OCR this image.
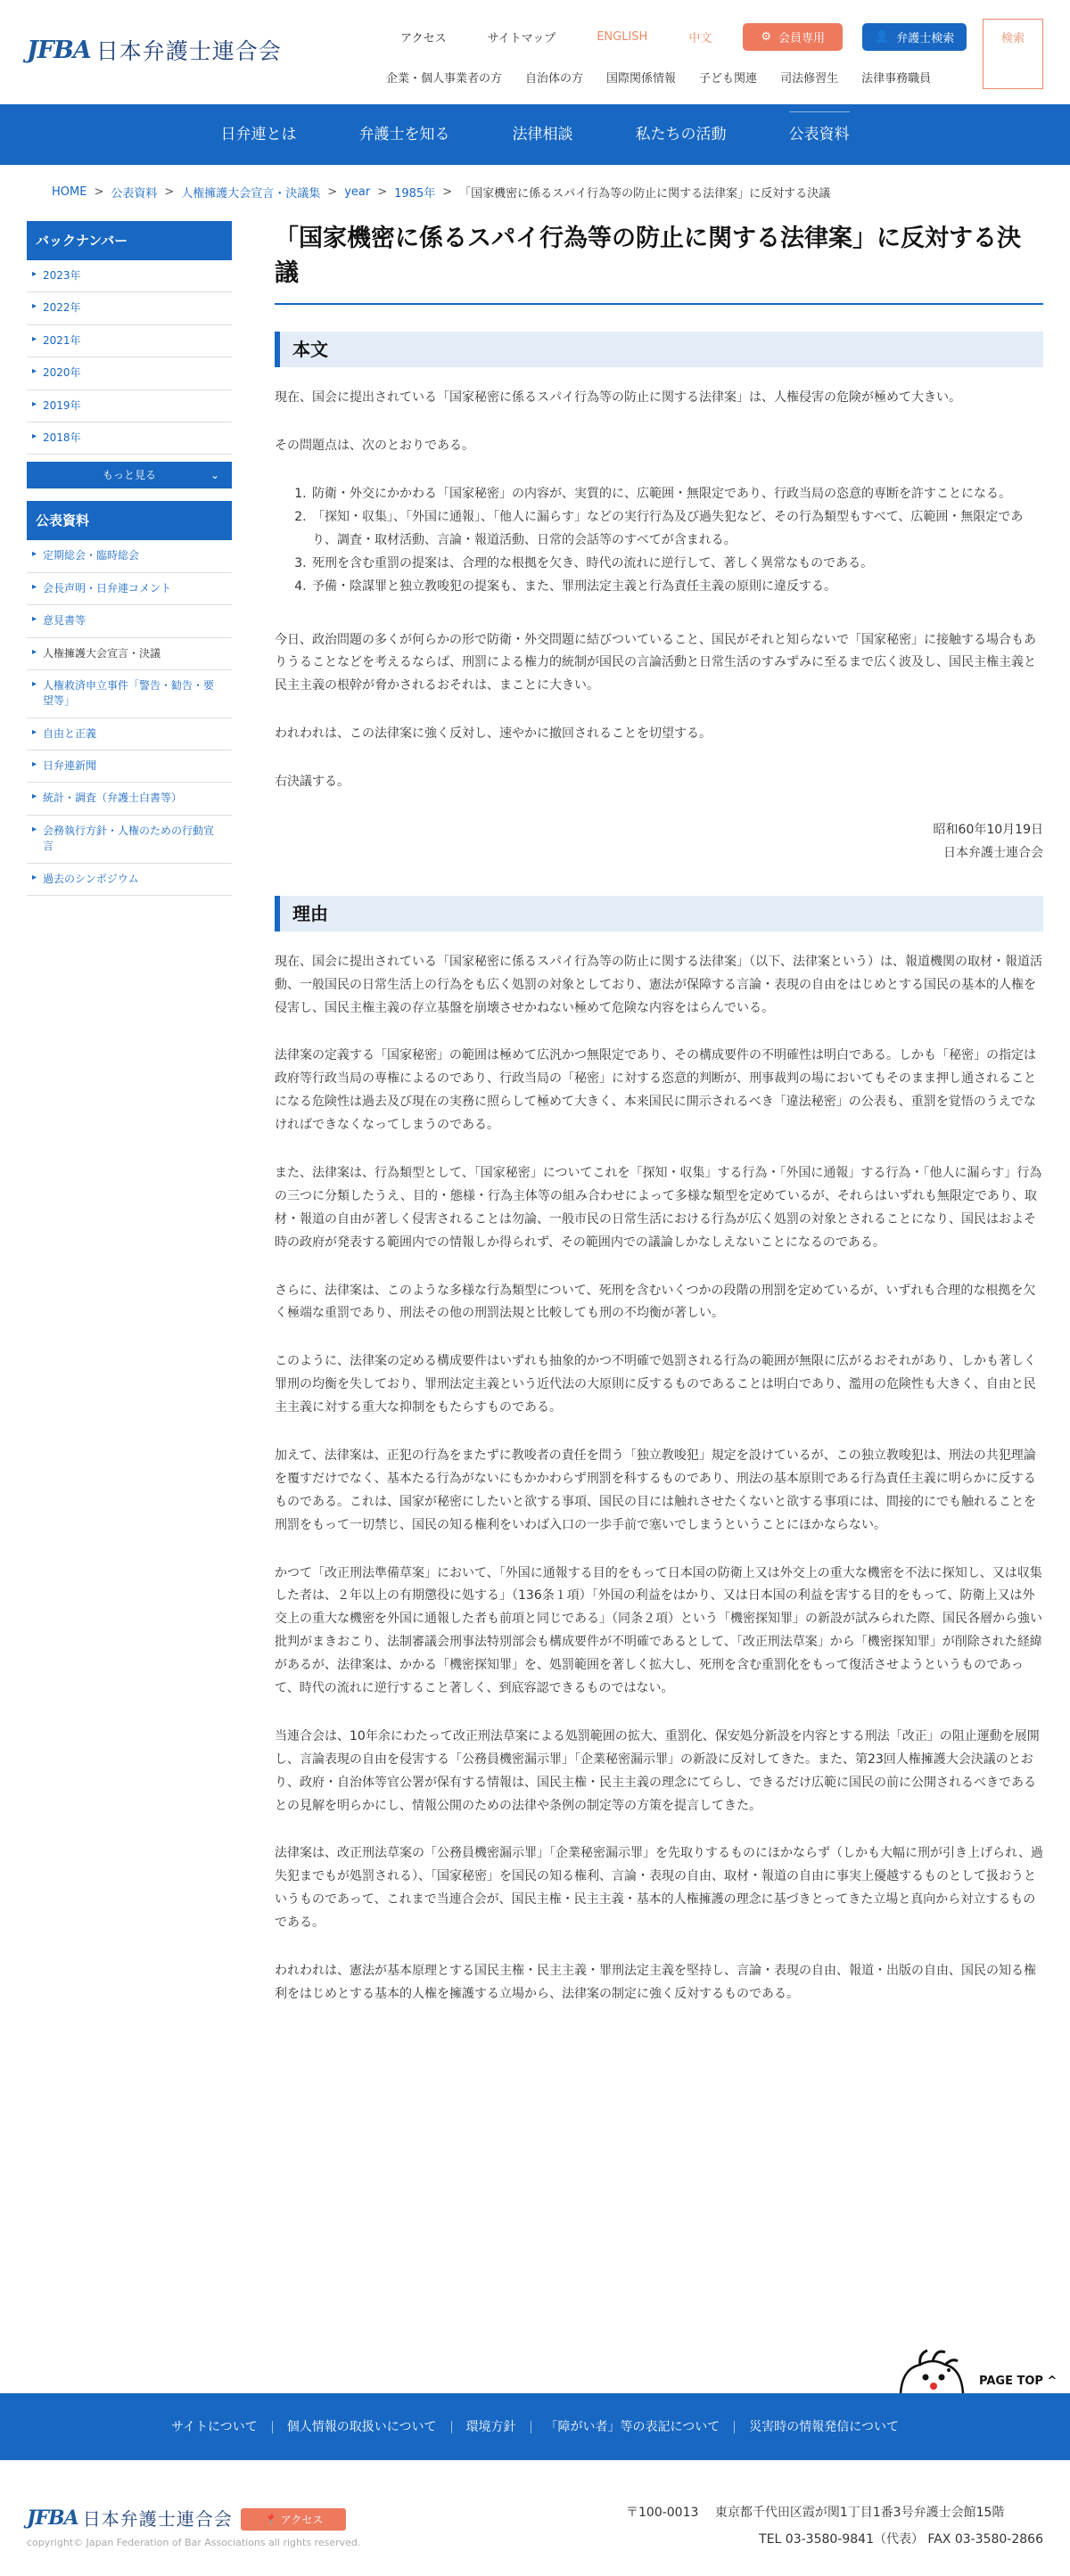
JFBA 日本弁護士連合会	アクセス	サイトマップ	ENGLISH	中文	⚙ 会員専用	👤 弁護士検索	検索
企業・個人事業者の方	自治体の方	国際関係情報	子ども関連	司法修習生	法律事務職員
日弁連とは	弁護士を知る	法律相談	私たちの活動	公表資料
HOME > 公表資料 > 人権擁護大会宣言・決議集 > year > 1985年 > 「国家機密に係るスパイ行為等の防止に関する法律案」に反対する決議
バックナンバー
▸ 2023年
▸ 2022年
▸ 2021年
▸ 2020年
▸ 2019年
▸ 2018年
もっと見る	⌄
公表資料
▸ 定期総会・臨時総会
▸ 会長声明・日弁連コメント
▸ 意見書等
▸ 人権擁護大会宣言・決議
▸ 人権救済申立事件「警告・勧告・要望等」
▸ 自由と正義
▸ 日弁連新聞
▸ 統計・調査（弁護士白書等）
▸ 会務執行方針・人権のための行動宣言
▸ 過去のシンポジウム
「国家機密に係るスパイ行為等の防止に関する法律案」に反対する決議
本文

現在、国会に提出されている「国家秘密に係るスパイ行為等の防止に関する法律案」は、人権侵害の危険が極めて大きい。

その問題点は、次のとおりである。

1. 防衛・外交にかかわる「国家秘密」の内容が、実質的に、広範囲・無限定であり、行政当局の恣意的専断を許すことになる。
2. 「探知・収集」、「外国に通報」、「他人に漏らす」などの実行行為及び過失犯など、その行為類型もすべて、広範囲・無限定であり、調査・取材活動、言論・報道活動、日常的会話等のすべてが含まれる。
3. 死刑を含む重罰の提案は、合理的な根拠を欠き、時代の流れに逆行して、著しく異常なものである。
4. 予備・陰謀罪と独立教唆犯の提案も、また、罪刑法定主義と行為責任主義の原則に違反する。

今日、政治問題の多くが何らかの形で防衛・外交問題に結びついていること、国民がそれと知らないで「国家秘密」に接触する場合もありうることなどを考えるならば、刑罰による権力的統制が国民の言論活動と日常生活のすみずみに至るまで広く波及し、国民主権主義と民主主義の根幹が脅かされるおそれは、まことに大きい。

われわれは、この法律案に強く反対し、速やかに撤回されることを切望する。

右決議する。

昭和60年10月19日
日本弁護士連合会
理由

現在、国会に提出されている「国家秘密に係るスパイ行為等の防止に関する法律案」（以下、法律案という）は、報道機関の取材・報道活動、一般国民の日常生活上の行為をも広く処罰の対象としており、憲法が保障する言論・表現の自由をはじめとする国民の基本的人権を侵害し、国民主権主義の存立基盤を崩壊させかねない極めて危険な内容をはらんでいる。

法律案の定義する「国家秘密」の範囲は極めて広汎かつ無限定であり、その構成要件の不明確性は明白である。しかも「秘密」の指定は政府等行政当局の専権によるのであり、行政当局の「秘密」に対する恣意的判断が、刑事裁判の場においてもそのまま押し通されることになる危険性は過去及び現在の実務に照らして極めて大きく、本来国民に開示されるべき「違法秘密」の公表も、重罰を覚悟のうえでなければできなくなってしまうのである。

また、法律案は、行為類型として、「国家秘密」についてこれを「探知・収集」する行為・「外国に通報」する行為・「他人に漏らす」行為の三つに分類したうえ、目的・態様・行為主体等の組み合わせによって多様な類型を定めているが、それらはいずれも無限定であり、取材・報道の自由が著しく侵害されることは勿論、一般市民の日常生活における行為が広く処罰の対象とされることになり、国民はおよそ時の政府が発表する範囲内での情報しか得られず、その範囲内での議論しかなしえないことになるのである。

さらに、法律案は、このような多様な行為類型について、死刑を含むいくつかの段階の刑罰を定めているが、いずれも合理的な根拠を欠く極端な重罰であり、刑法その他の刑罰法規と比較しても刑の不均衡が著しい。

このように、法律案の定める構成要件はいずれも抽象的かつ不明確で処罰される行為の範囲が無限に広がるおそれがあり、しかも著しく罪刑の均衡を失しており、罪刑法定主義という近代法の大原則に反するものであることは明白であり、濫用の危険性も大きく、自由と民主主義に対する重大な抑制をもたらすものである。

加えて、法律案は、正犯の行為をまたずに教唆者の責任を問う「独立教唆犯」規定を設けているが、この独立教唆犯は、刑法の共犯理論を覆すだけでなく、基本たる行為がないにもかかわらず刑罰を科するものであり、刑法の基本原則である行為責任主義に明らかに反するものである。これは、国家が秘密にしたいと欲する事項、国民の目には触れさせたくないと欲する事項には、間接的にでも触れることを刑罰をもって一切禁じ、国民の知る権利をいわば入口の一歩手前で塞いでしまうということにほかならない。

かつて「改正刑法準備草案」において、「外国に通報する目的をもって日本国の防衛上又は外交上の重大な機密を不法に探知し、又は収集した者は、２年以上の有期懲役に処する」（136条１項）「外国の利益をはかり、又は日本国の利益を害する目的をもって、防衛上又は外交上の重大な機密を外国に通報した者も前項と同じである」（同条２項）という「機密探知罪」の新設が試みられた際、国民各層から強い批判がまきおこり、法制審議会刑事法特別部会も構成要件が不明確であるとして、「改正刑法草案」から「機密探知罪」が削除された経緯があるが、法律案は、かかる「機密探知罪」を、処罰範囲を著しく拡大し、死刑を含む重罰化をもって復活させようというものであって、時代の流れに逆行すること著しく、到底容認できるものではない。

当連合会は、10年余にわたって改正刑法草案による処罰範囲の拡大、重罰化、保安処分新設を内容とする刑法「改正」の阻止運動を展開し、言論表現の自由を侵害する「公務員機密漏示罪」「企業秘密漏示罪」の新設に反対してきた。また、第23回人権擁護大会決議のとおり、政府・自治体等官公署が保有する情報は、国民主権・民主主義の理念にてらし、できるだけ広範に国民の前に公開されるべきであるとの見解を明らかにし、情報公開のための法律や条例の制定等の方策を提言してきた。

法律案は、改正刑法草案の「公務員機密漏示罪」「企業秘密漏示罪」を先取りするものにほかならず（しかも大幅に刑が引き上げられ、過失犯までもが処罰される）、「国家秘密」を国民の知る権利、言論・表現の自由、取材・報道の自由に事実上優越するものとして扱おうというものであって、これまで当連合会が、国民主権・民主主義・基本的人権擁護の理念に基づきとってきた立場と真向から対立するものである。

われわれは、憲法が基本原理とする国民主権・民主主義・罪刑法定主義を堅持し、言論・表現の自由、報道・出版の自由、国民の知る権利をはじめとする基本的人権を擁護する立場から、法律案の制定に強く反対するものである。

PAGE TOP ^
サイトについて	個人情報の取扱いについて	環境方針	「障がい者」等の表記について	災害時の情報発信について
JFBA 日本弁護士連合会	📍 アクセス	〒100-0013　 東京都千代田区霞が関1丁目1番3号弁護士会館15階
TEL 03-3580-9841（代表） FAX 03-3580-2866
copyright© Japan Federation of Bar Associations all rights reserved.
